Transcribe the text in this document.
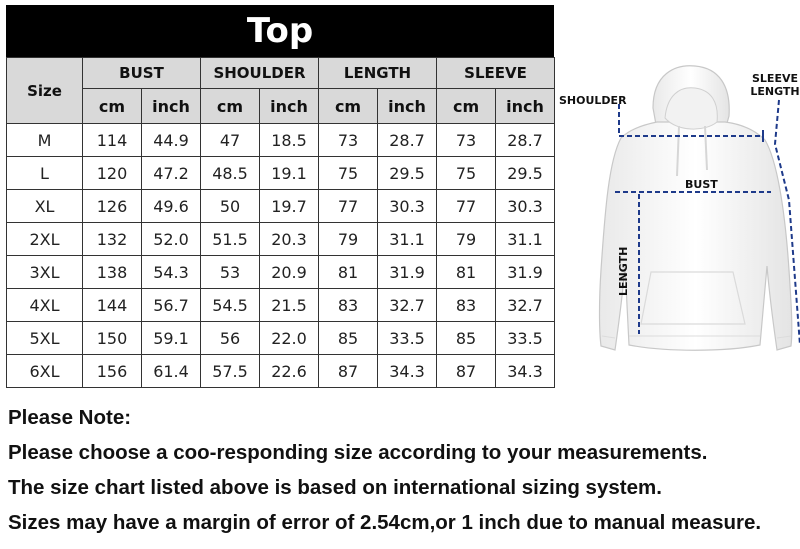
Top
Size	BUST		SHOULDER		LENGTH		SLEEVE	
	cm	inch	cm	inch	cm	inch	cm	inch
M	114	44.9	47	18.5	73	28.7	73	28.7
L	120	47.2	48.5	19.1	75	29.5	75	29.5
XL	126	49.6	50	19.7	77	30.3	77	30.3
2XL	132	52.0	51.5	20.3	79	31.1	79	31.1
3XL	138	54.3	53	20.9	81	31.9	81	31.9
4XL	144	56.7	54.5	21.5	83	32.7	83	32.7
5XL	150	59.1	56	22.0	85	33.5	85	33.5
6XL	156	61.4	57.5	22.6	87	34.3	87	34.3
SHOULDER
SLEEVE
LENGTH
BUST
LENGTH
Please Note:
Please choose a coo-responding size according to your measurements.
The size chart listed above is based on international sizing system.
Sizes may have a margin of error of 2.54cm,or 1 inch due to manual measure.
